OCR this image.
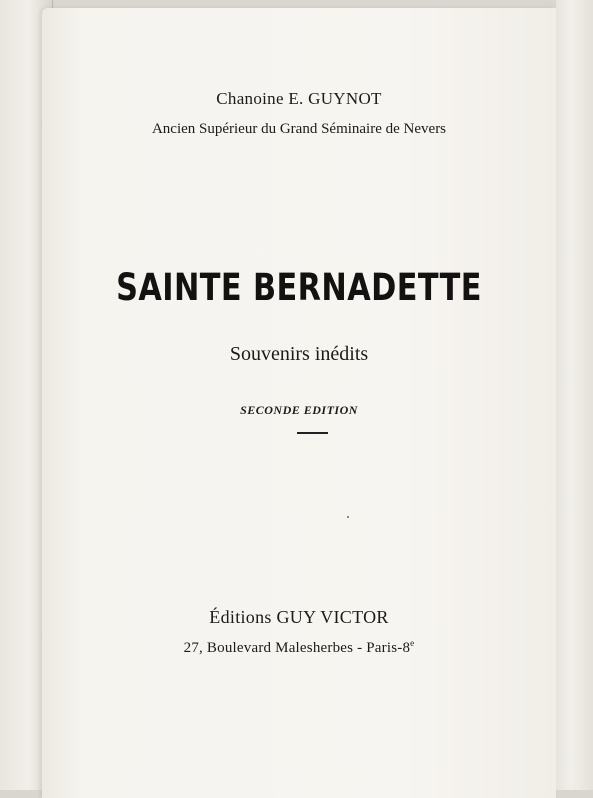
Chanoine E. GUYNOT
Ancien Supérieur du Grand Séminaire de Nevers
SAINTE BERNADETTE
Souvenirs inédits
SECONDE EDITION
Éditions GUY VICTOR
27, Boulevard Malesherbes - Paris-8e
